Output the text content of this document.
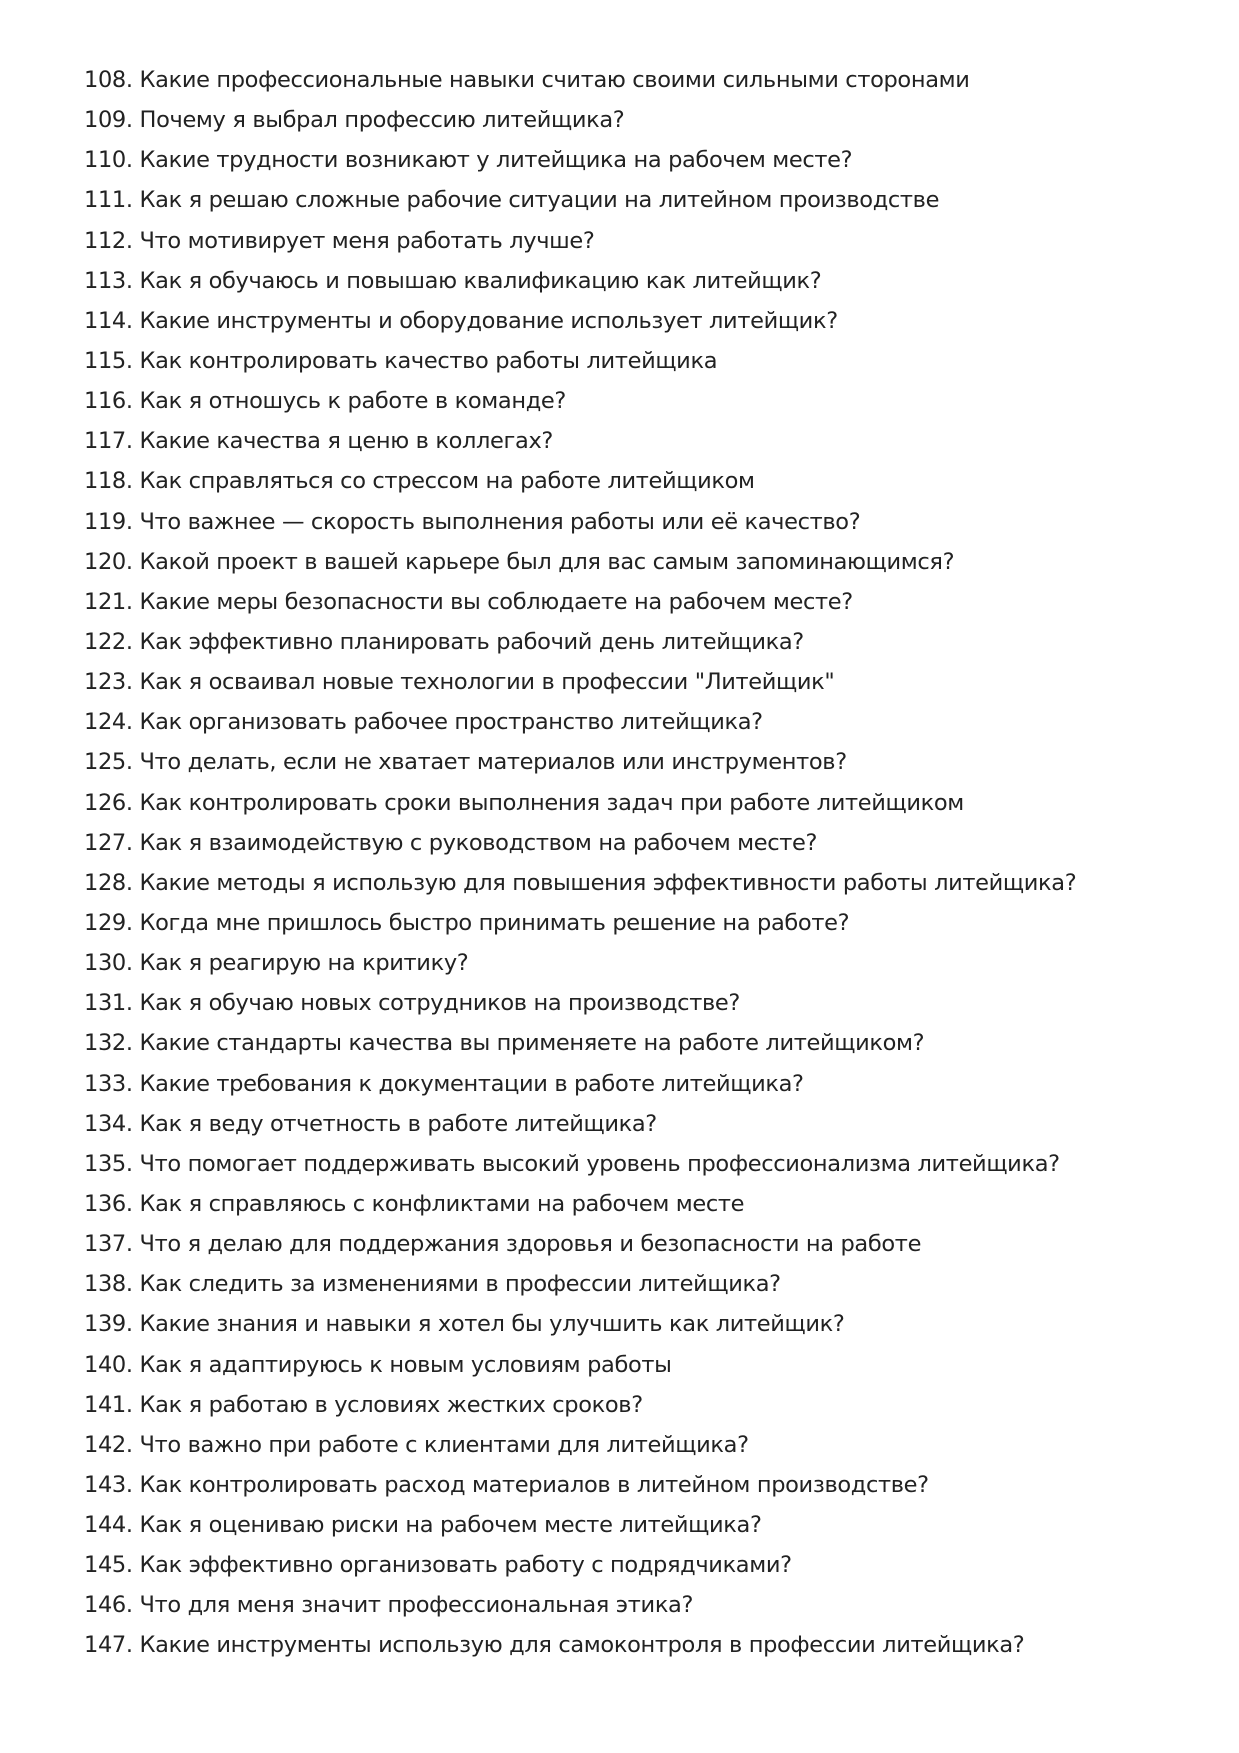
108. Какие профессиональные навыки считаю своими сильными сторонами
109. Почему я выбрал профессию литейщика?
110. Какие трудности возникают у литейщика на рабочем месте?
111. Как я решаю сложные рабочие ситуации на литейном производстве
112. Что мотивирует меня работать лучше?
113. Как я обучаюсь и повышаю квалификацию как литейщик?
114. Какие инструменты и оборудование использует литейщик?
115. Как контролировать качество работы литейщика
116. Как я отношусь к работе в команде?
117. Какие качества я ценю в коллегах?
118. Как справляться со стрессом на работе литейщиком
119. Что важнее — скорость выполнения работы или её качество?
120. Какой проект в вашей карьере был для вас самым запоминающимся?
121. Какие меры безопасности вы соблюдаете на рабочем месте?
122. Как эффективно планировать рабочий день литейщика?
123. Как я осваивал новые технологии в профессии "Литейщик"
124. Как организовать рабочее пространство литейщика?
125. Что делать, если не хватает материалов или инструментов?
126. Как контролировать сроки выполнения задач при работе литейщиком
127. Как я взаимодействую с руководством на рабочем месте?
128. Какие методы я использую для повышения эффективности работы литейщика?
129. Когда мне пришлось быстро принимать решение на работе?
130. Как я реагирую на критику?
131. Как я обучаю новых сотрудников на производстве?
132. Какие стандарты качества вы применяете на работе литейщиком?
133. Какие требования к документации в работе литейщика?
134. Как я веду отчетность в работе литейщика?
135. Что помогает поддерживать высокий уровень профессионализма литейщика?
136. Как я справляюсь с конфликтами на рабочем месте
137. Что я делаю для поддержания здоровья и безопасности на работе
138. Как следить за изменениями в профессии литейщика?
139. Какие знания и навыки я хотел бы улучшить как литейщик?
140. Как я адаптируюсь к новым условиям работы
141. Как я работаю в условиях жестких сроков?
142. Что важно при работе с клиентами для литейщика?
143. Как контролировать расход материалов в литейном производстве?
144. Как я оцениваю риски на рабочем месте литейщика?
145. Как эффективно организовать работу с подрядчиками?
146. Что для меня значит профессиональная этика?
147. Какие инструменты использую для самоконтроля в профессии литейщика?
